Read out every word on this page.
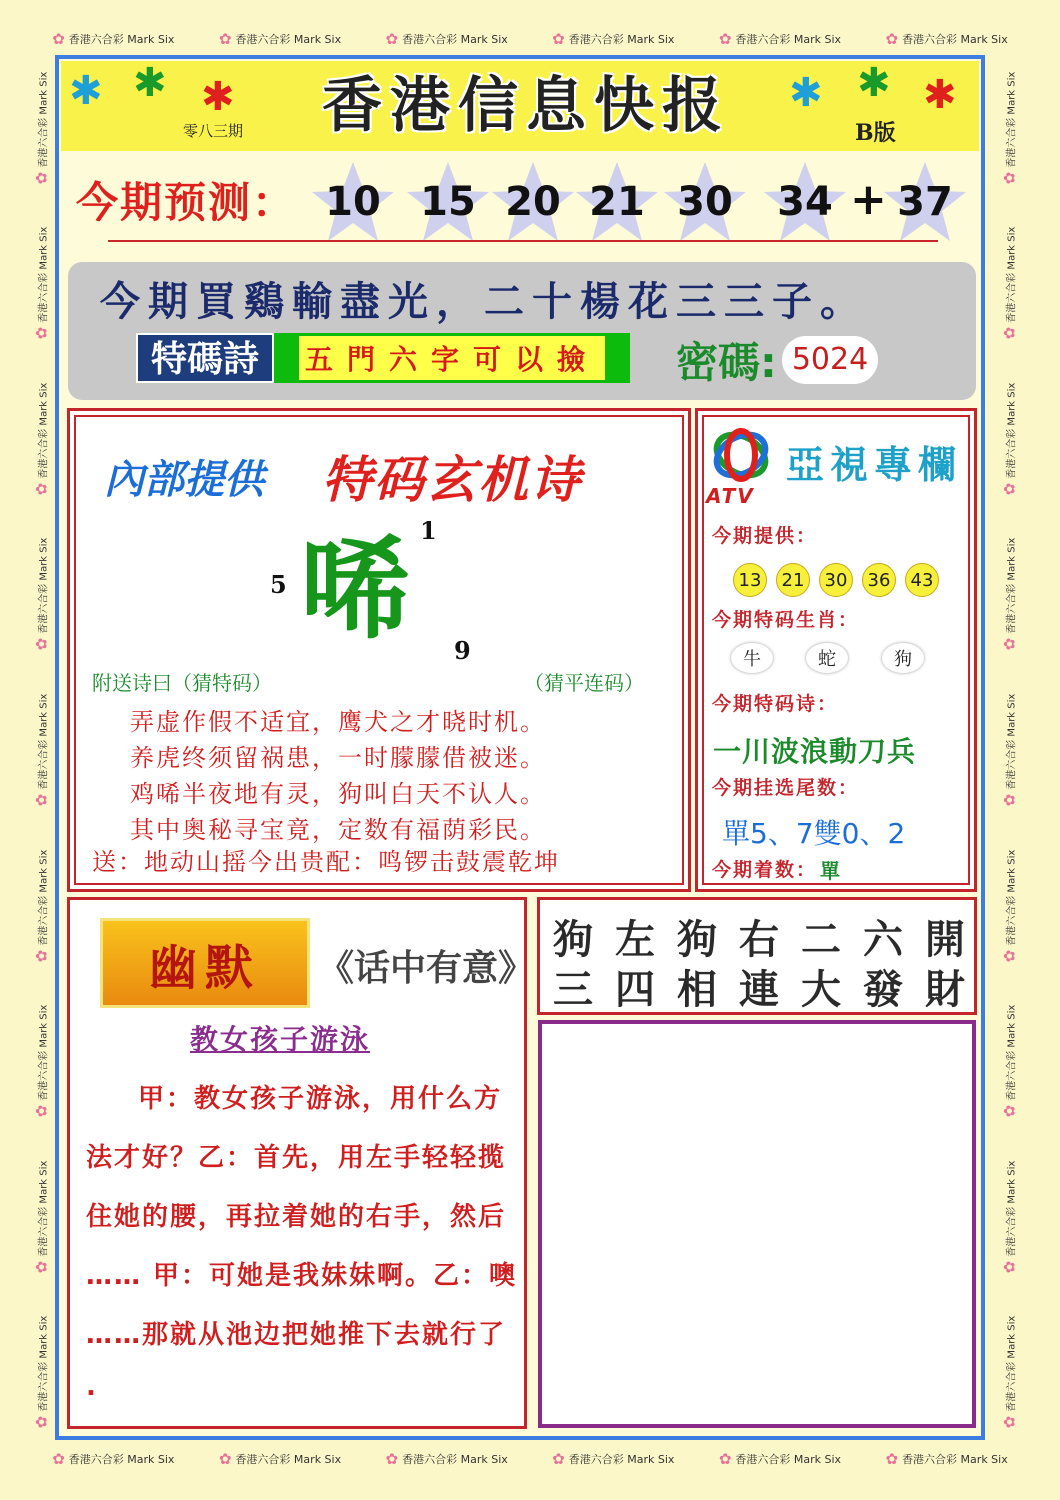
✿ 香港六合彩 Mark Six	✿ 香港六合彩 Mark Six	✿ 香港六合彩 Mark Six	✿ 香港六合彩 Mark Six	✿ 香港六合彩 Mark Six	✿ 香港六合彩 Mark Six
✿ 香港六合彩 Mark Six	✿ 香港六合彩 Mark Six	✿ 香港六合彩 Mark Six	✿ 香港六合彩 Mark Six	✿ 香港六合彩 Mark Six	✿ 香港六合彩 Mark Six
✿
香港六合彩 Mark Six
✿
香港六合彩 Mark Six
✿
香港六合彩 Mark Six
✿
香港六合彩 Mark Six
✿
香港六合彩 Mark Six
✿
香港六合彩 Mark Six
✿
香港六合彩 Mark Six
✿
香港六合彩 Mark Six
✿
香港六合彩 Mark Six
✿
香港六合彩 Mark Six
✿
香港六合彩 Mark Six
✿
香港六合彩 Mark Six
✿
香港六合彩 Mark Six
✿
香港六合彩 Mark Six
✿
香港六合彩 Mark Six
✿
香港六合彩 Mark Six
✿
香港六合彩 Mark Six
✿
香港六合彩 Mark Six
✱ ✱ ✱	✱ ✱ ✱
香港信息快报
零八三期	B版
今期预测： 10 15 20 21 30 34 + 37
今期買鷄輸盡光，二十楊花三三子。
特碼詩	五門六字可以撿 密碼: 5024
內部提供 特码玄机诗
唏 1
5
9
附送诗曰（猜特码）	（猜平连码）
弄虚作假不适宜，鹰犬之才晓时机。
养虎终须留祸患，一时朦朦借被迷。
鸡唏半夜地有灵，狗叫白天不认人。
其中奥秘寻宝竟，定数有福荫彩民。
送：地动山摇今出贵配：鸣锣击鼓震乾坤
ATV
亞視專欄
今期提供：
13	21	30	36	43
今期特码生肖：
牛	蛇	狗
今期特码诗：
一川波浪動刀兵
今期挂选尾数：
單5、7雙0、2
今期着数： 單
幽默	《话中有意》
教女孩子游泳
甲：教女孩子游泳，用什么方
法才好？乙：首先，用左手轻轻揽
住她的腰，再拉着她的右手，然后
…… 甲：可她是我妹妹啊。乙：噢
……那就从池边把她推下去就行了
.
狗左狗右二六開
三四相連大發財
